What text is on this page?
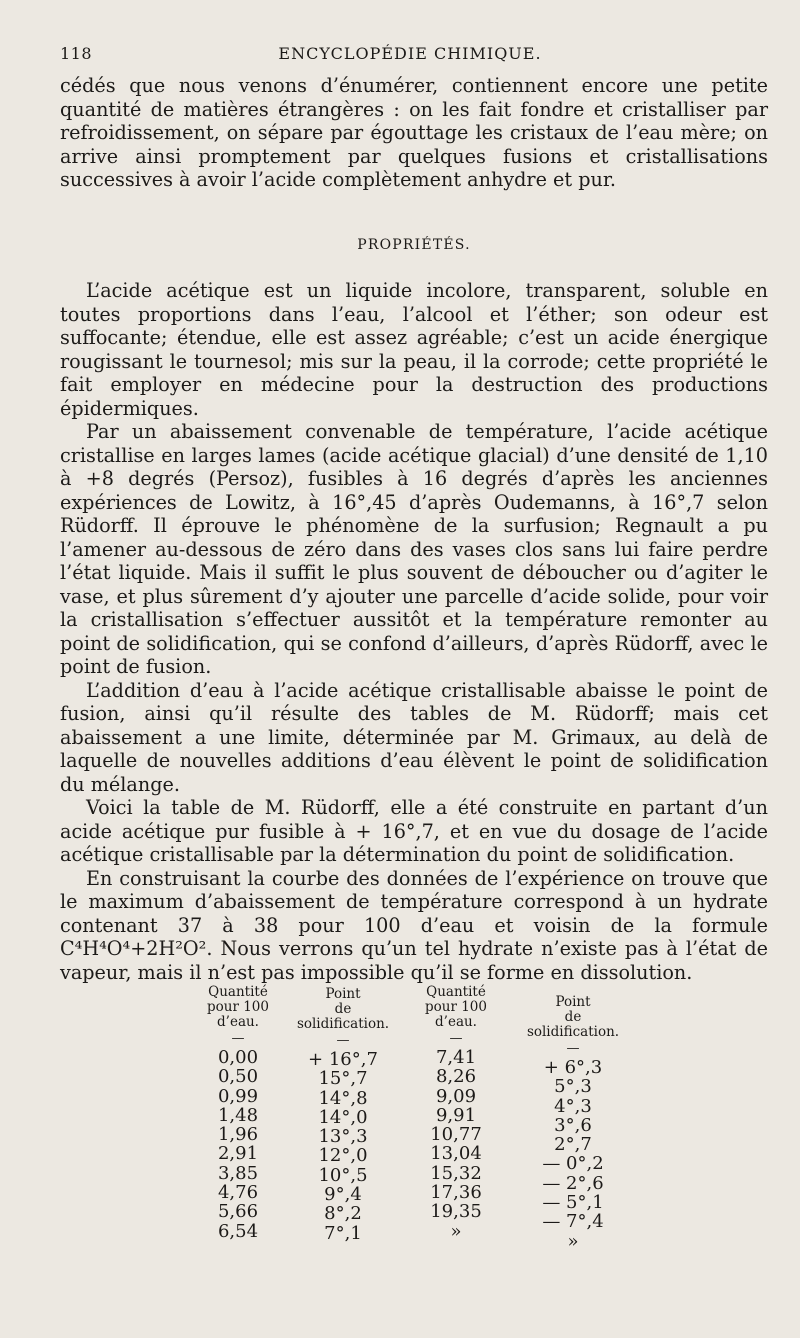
118	ENCYCLOPÉDIE CHIMIQUE.

cédés que nous venons d’énumérer, contiennent encore une petite quantité de matières étrangères : on les fait fondre et cristalliser par refroidissement, on sépare par égouttage les cristaux de l’eau mère; on arrive ainsi promptement par quelques fusions et cristallisations successives à avoir l’acide complètement anhydre et pur.

PROPRIÉTÉS.

L’acide acétique est un liquide incolore, transparent, soluble en toutes proportions dans l’eau, l’alcool et l’éther; son odeur est suffocante; étendue, elle est assez agréable; c’est un acide énergique rougissant le tournesol; mis sur la peau, il la corrode; cette propriété le fait employer en médecine pour la destruction des productions épidermiques.

Par un abaissement convenable de température, l’acide acétique cristallise en larges lames (acide acétique glacial) d’une densité de 1,10 à +8 degrés (Persoz), fusibles à 16 degrés d’après les anciennes expériences de Lowitz, à 16°,45 d’après Oudemanns, à 16°,7 selon Rüdorff. Il éprouve le phénomène de la surfusion; Regnault a pu l’amener au-dessous de zéro dans des vases clos sans lui faire perdre l’état liquide. Mais il suffit le plus souvent de déboucher ou d’agiter le vase, et plus sûrement d’y ajouter une parcelle d’acide solide, pour voir la cristallisation s’effectuer aussitôt et la température remonter au point de solidification, qui se confond d’ailleurs, d’après Rüdorff, avec le point de fusion.

L’addition d’eau à l’acide acétique cristallisable abaisse le point de fusion, ainsi qu’il résulte des tables de M. Rüdorff; mais cet abaissement a une limite, déterminée par M. Grimaux, au delà de laquelle de nouvelles additions d’eau élèvent le point de solidification du mélange.

Voici la table de M. Rüdorff, elle a été construite en partant d’un acide acétique pur fusible à + 16°,7, et en vue du dosage de l’acide acétique cristallisable par la détermination du point de solidification.

En construisant la courbe des données de l’expérience on trouve que le maximum d’abaissement de température correspond à un hydrate contenant 37 à 38 pour 100 d’eau et voisin de la formule C⁴H⁴O⁴+2H²O². Nous verrons qu’un tel hydrate n’existe pas à l’état de vapeur, mais il n’est pas impossible qu’il se forme en dissolution.

Quantité
pour 100
d’eau.
—
0,00
0,50
0,99
1,48
1,96
2,91
3,85
4,76
5,66
6,54
Point
de
solidification.
—
+ 16°,7
15°,7
14°,8
14°,0
13°,3
12°,0
10°,5
9°,4
8°,2
7°,1
Quantité
pour 100
d’eau.
—
7,41
8,26
9,09
9,91
10,77
13,04
15,32
17,36
19,35
»
Point
de
solidification.
—
+ 6°,3
5°,3
4°,3
3°,6
2°,7
— 0°,2
— 2°,6
— 5°,1
— 7°,4
»
